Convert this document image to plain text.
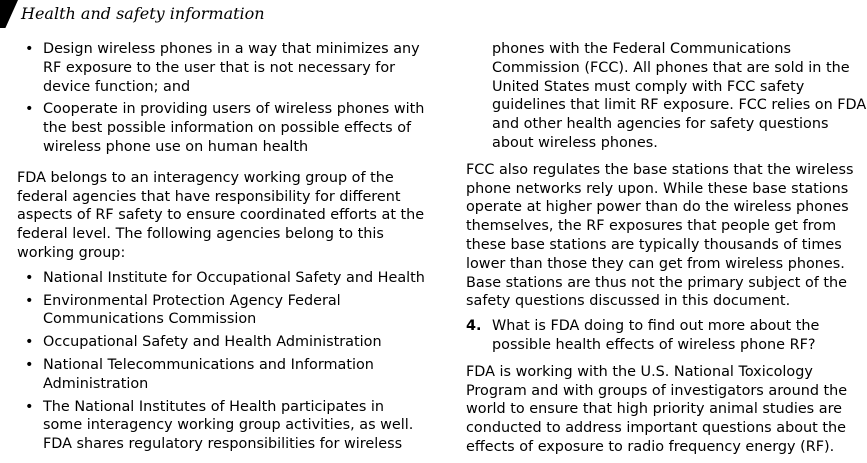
Health and safety information
• Design wireless phones in a way that minimizes any RF exposure to the user that is not necessary for device function; and
• Cooperate in providing users of wireless phones with the best possible information on possible effects of wireless phone use on human health

FDA belongs to an interagency working group of the federal agencies that have responsibility for different aspects of RF safety to ensure coordinated efforts at the federal level. The following agencies belong to this working group:

• National Institute for Occupational Safety and Health
• Environmental Protection Agency Federal Communications Commission
• Occupational Safety and Health Administration
• National Telecommunications and Information Administration
• The National Institutes of Health participates in some interagency working group activities, as well. FDA shares regulatory responsibilities for wireless

phones with the Federal Communications Commission (FCC). All phones that are sold in the United States must comply with FCC safety guidelines that limit RF exposure. FCC relies on FDA and other health agencies for safety questions about wireless phones.

FCC also regulates the base stations that the wireless phone networks rely upon. While these base stations operate at higher power than do the wireless phones themselves, the RF exposures that people get from these base stations are typically thousands of times lower than those they can get from wireless phones. Base stations are thus not the primary subject of the safety questions discussed in this document.

4. What is FDA doing to find out more about the possible health effects of wireless phone RF?

FDA is working with the U.S. National Toxicology Program and with groups of investigators around the world to ensure that high priority animal studies are conducted to address important questions about the effects of exposure to radio frequency energy (RF).
